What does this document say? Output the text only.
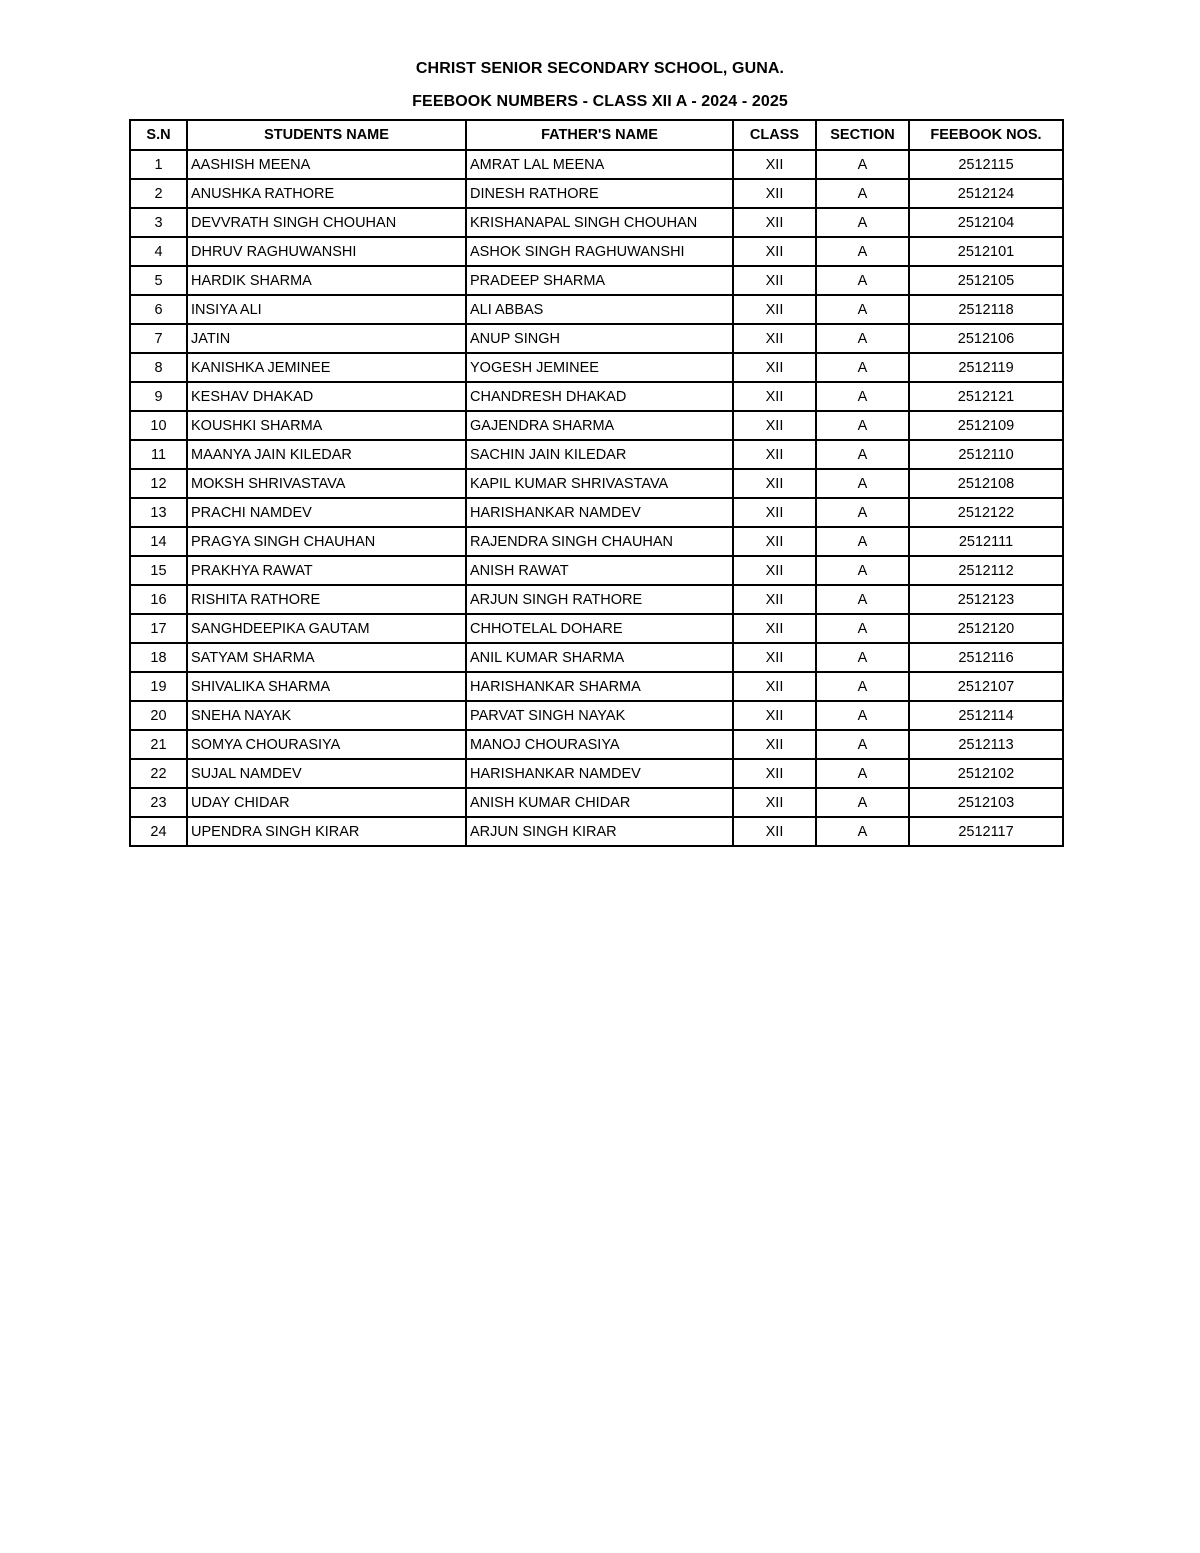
CHRIST SENIOR SECONDARY SCHOOL, GUNA.
FEEBOOK NUMBERS - CLASS XII A - 2024 - 2025
S.N	STUDENTS NAME	FATHER'S NAME	CLASS	SECTION	FEEBOOK NOS.
1	AASHISH MEENA	AMRAT LAL MEENA	XII	A	2512115
2	ANUSHKA RATHORE	DINESH RATHORE	XII	A	2512124
3	DEVVRATH SINGH CHOUHAN	KRISHANAPAL SINGH CHOUHAN	XII	A	2512104
4	DHRUV RAGHUWANSHI	ASHOK SINGH RAGHUWANSHI	XII	A	2512101
5	HARDIK SHARMA	PRADEEP SHARMA	XII	A	2512105
6	INSIYA ALI	ALI ABBAS	XII	A	2512118
7	JATIN	ANUP SINGH	XII	A	2512106
8	KANISHKA JEMINEE	YOGESH JEMINEE	XII	A	2512119
9	KESHAV DHAKAD	CHANDRESH DHAKAD	XII	A	2512121
10	KOUSHKI SHARMA	GAJENDRA SHARMA	XII	A	2512109
11	MAANYA JAIN KILEDAR	SACHIN JAIN KILEDAR	XII	A	2512110
12	MOKSH SHRIVASTAVA	KAPIL KUMAR SHRIVASTAVA	XII	A	2512108
13	PRACHI NAMDEV	HARISHANKAR NAMDEV	XII	A	2512122
14	PRAGYA SINGH CHAUHAN	RAJENDRA SINGH CHAUHAN	XII	A	2512111
15	PRAKHYA RAWAT	ANISH RAWAT	XII	A	2512112
16	RISHITA RATHORE	ARJUN SINGH RATHORE	XII	A	2512123
17	SANGHDEEPIKA GAUTAM	CHHOTELAL DOHARE	XII	A	2512120
18	SATYAM SHARMA	ANIL KUMAR SHARMA	XII	A	2512116
19	SHIVALIKA SHARMA	HARISHANKAR SHARMA	XII	A	2512107
20	SNEHA NAYAK	PARVAT SINGH NAYAK	XII	A	2512114
21	SOMYA CHOURASIYA	MANOJ CHOURASIYA	XII	A	2512113
22	SUJAL NAMDEV	HARISHANKAR NAMDEV	XII	A	2512102
23	UDAY CHIDAR	ANISH KUMAR CHIDAR	XII	A	2512103
24	UPENDRA SINGH KIRAR	ARJUN SINGH KIRAR	XII	A	2512117
